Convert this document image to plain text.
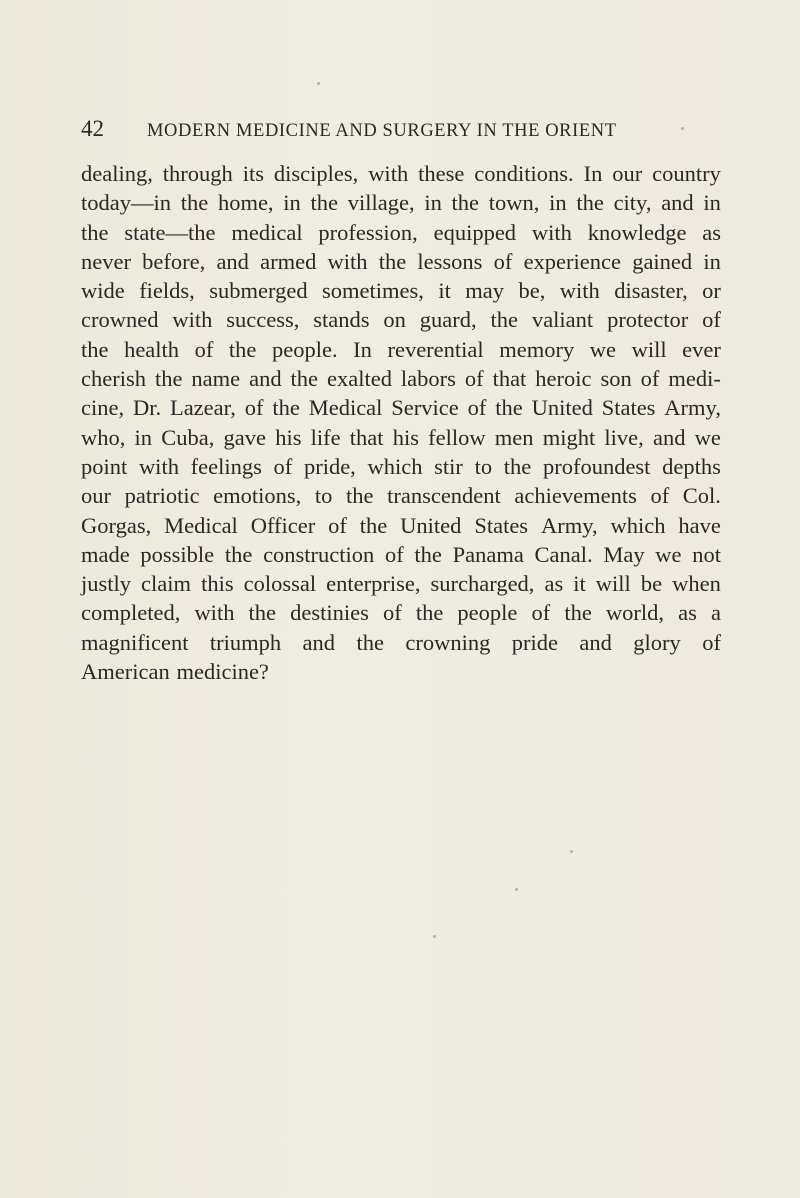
42	MODERN MEDICINE AND SURGERY IN THE ORIENT
dealing, through its disciples, with these conditions. In our country
today—in the home, in the village, in the town, in the city, and in
the state—the medical profession, equipped with knowledge as
never before, and armed with the lessons of experience gained in
wide fields, submerged sometimes, it may be, with disaster, or
crowned with success, stands on guard, the valiant protector of
the health of the people. In reverential memory we will ever
cherish the name and the exalted labors of that heroic son of medi-
cine, Dr. Lazear, of the Medical Service of the United States Army,
who, in Cuba, gave his life that his fellow men might live, and we
point with feelings of pride, which stir to the profoundest depths
our patriotic emotions, to the transcendent achievements of Col.
Gorgas, Medical Officer of the United States Army, which have
made possible the construction of the Panama Canal. May we not
justly claim this colossal enterprise, surcharged, as it will be when
completed, with the destinies of the people of the world, as a
magnificent triumph and the crowning pride and glory of
American medicine?
